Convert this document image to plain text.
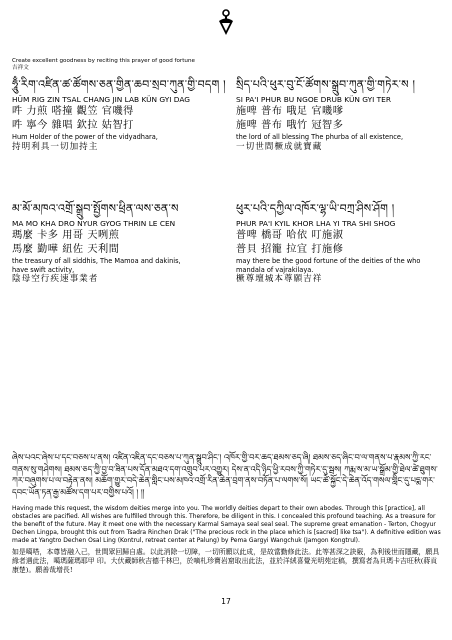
Create excellent goodness by reciting this prayer of good fortune
吉祥文
ཧཱུྃ་རིག་འཛིན་ཚ་ཚོགས་ཅན་གྱིན་ཆབ་སྲབ་ཀུན་གྱི་བདག །
HŪM RIG ZIN TSAL CHANG JIN LAB KÜN GYI DAG
吽 力煎 嗒撞 觀笠 官嘰得
吽 寧今 雜唱 欽拉 姑智打
Hum Holder of the power of the vidyadhara,
持明利具一切加持主
སྲིད་པའི་ཕུར་བུ་ངོ་ཚོགས་སྒྲུབ་ཀུན་གྱི་གཏེར་ས །
SI PA'I PHUR BU NGOE DRUB KÜN GYI TER
施啤 普布 哦足 官嘰嗲
施啤 普布 哦竹 冠智多
the lord of all blessing The phurba of all existence,
一切世間橛成就寶藏
མ་མོ་མཁའ་འགྲོ་སྒྲུབ་སྤྱོགས་ཕྲིན་ལས་ཅན་ས
MA MO KHA DRO NYUR GYOG THRIN LE CEN
瑪麼 卡多 用哥 天咧煎
馬麼 勤嘩 紐佐 天利間
the treasury of all siddhis, The Mamoa and dakinis, have swift activity,
陰母空行疾速事業者
ཕུར་པའི་དཀྱིལ་འཁོར་ལྷ་ཡི་བཀྲ་ཤིས་ཤོག །
PHUR PA'I KYIL KHOR LHA YI TRA SHI SHOG
普啤 橋哥 哈依 叮施淑
普貝 招籠 拉宜 打施修
may there be the good fortune of the deities of the who mandala of vajrakilaya.
橛尊壇城本尊願吉祥
ཞེས་པའང་ཞེས་པ་དང་བཅས་པ་ནས། འཛིན་འཇིན་དང་བཅས་པ་ཀུན་སྒྲུབ་ཤིང་། འཁོར་གྱི་བར་ཆད་ཐམས་ཅད་ཞི། ཐམས་ཅད་ཞིང་བ་ལ་གནས་པ་རྣམས་ཀྱི་རང་གནས་སུ་གཤེགས། ཐམས་ཅད་ཀྱི་བྱ་བ་ཟིན་པས་དོན་མཐའ་དག་འགྲུབ་པར་འགྱུར། དེས་ན་འདི་ཉིད་ཕྱི་རབས་ཀྱི་གཏེར་དུ་སྦས། ཀརྨ་ས་མ་ཡ་སྒྲོམ་གྱི་ཐེལ་ཚེ་ཐུགས་ཀར་བཞུགས་པ་ལ་བརྟེན་ནས། མཆོག་གྱུར་བདེ་ཆེན་གླིང་པས་མཁའ་འགྲོ་རིན་ཆེན་བྲག་ནས་བཏོན་པ་ལགས་སོ། ཡང་ཚེ་སྐྱོང་དེ་ཆེན་འོད་གསལ་གླིང་དུ་པདྨ་གར་དབང་ཡོན་ཏན་རྒྱ་མཚོས་དག་པར་བགྱིས་པའོ། ། །།
Having made this request, the wisdom deities merge into you. The worldly deities depart to their own abodes. Through this [practice], all obstacles are pacified. All wishes are fulfilled through this. Therefore, be diligent in this. I concealed this profound teaching. As a treasure for the benefit of the future. May it meet one with the necessary Karmal Samaya seal seal seal. The supreme great emanation - Terton, Chogyur Dechen Lingpa, brought this out from Tsadra Rinchen Drak ("The precious rock in the place which is [sacred] like tsa"). A definitive edition was made at Yangtro Dechen Osal Ling (Kontrul, retreat center at Palung) by Pema Gargyi Wangchuk (Jamgon Kongtrul).
如是噶嗒，本尊皆融入己，世間眾回歸自處。以此消除一切障，一切所願以此成，是故當勤修此法。此等甚深之訣竅，為利後世而隱藏，願具緣者遇此法，噶瑪薩瑪耶甲 印。大伏藏師秋吉德千林巴，於嘀札珍寶岩窟取出此法，並於洋絨喜覺光明苑定稿，撰寫者為貝瑪卡吉旺秋(蔣貢康楚)。願善哉增長!
17
